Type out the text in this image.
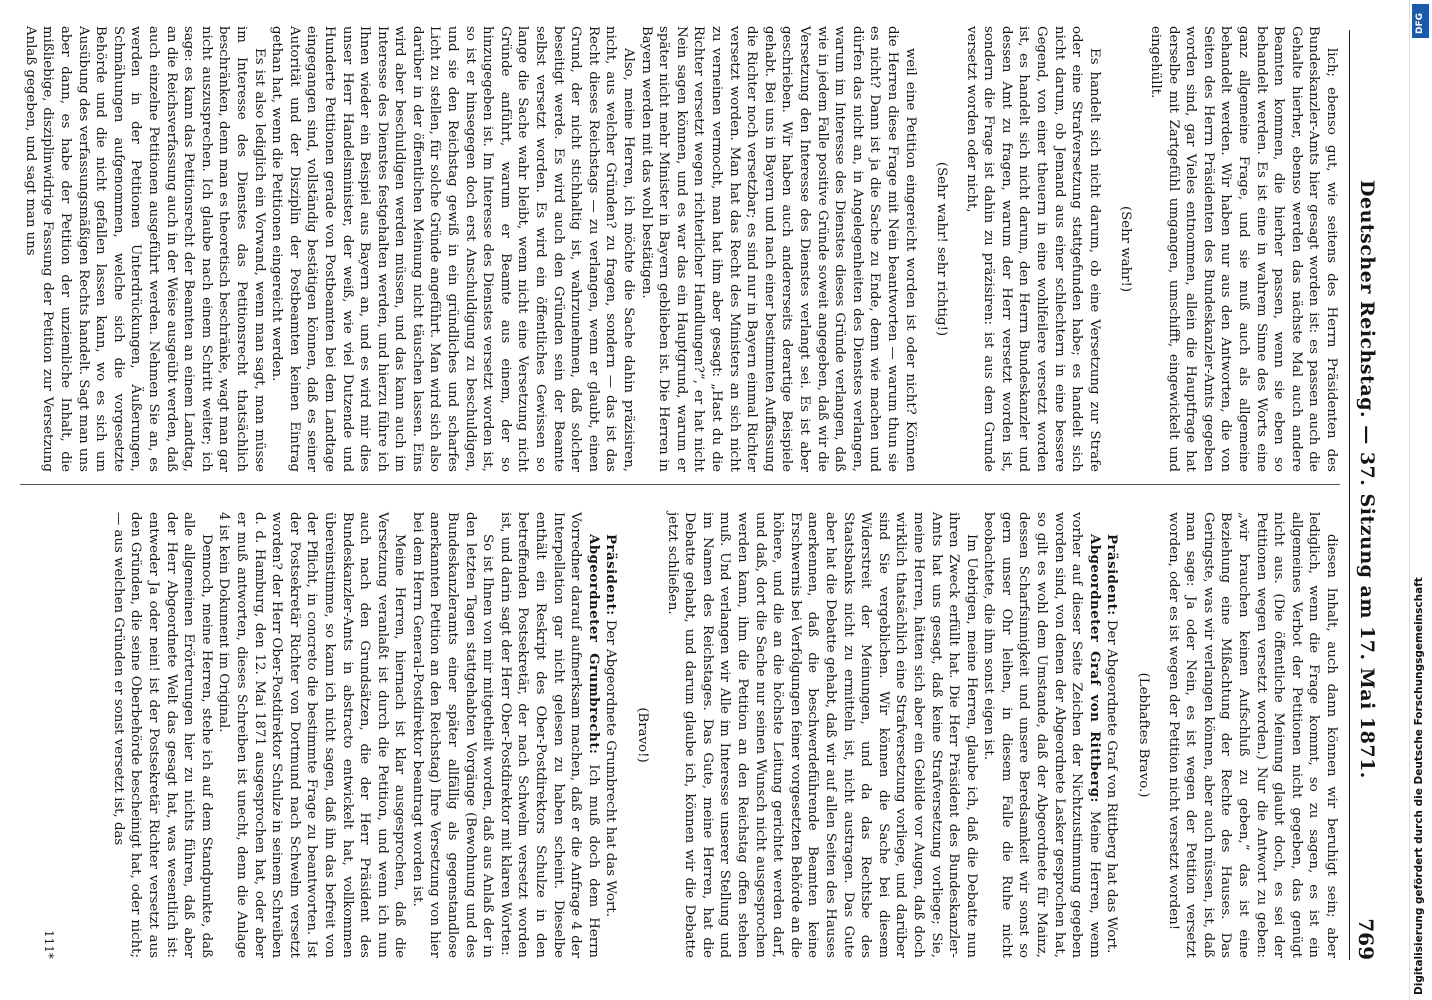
Deutscher Reichstag. — 37. Sitzung am 17. Mai 1871.
769

lich; ebenso gut, wie seitens des Herrn Präsidenten des Bundeskanzler-Amts hier gesagt worden ist: es passen auch die Gehalte hierher, ebenso werden das nächste Mal auch andere Beamten kommen, die hierher passen, wenn sie eben so behandelt werden. Es ist eine in wahrem Sinne des Worts eine ganz allgemeine Frage, und sie muß auch als allgemeine behandelt werden. Wir haben nur aus den Antworten, die von Seiten des Herrn Präsidenten des Bundeskanzler-Amts gegeben worden sind, gar Vieles entnommen, allein die Hauptfrage hat derselbe mit Zartgefühl umgangen, umschifft, eingewickelt und eingehüllt.

(Sehr wahr!)

Es handelt sich nicht darum, ob eine Versetzung zur Strafe oder eine Strafversetzung stattgefunden habe; es handelt sich nicht darum, ob Jemand aus einer schlechtern in eine bessere Gegend, von einer theuern in eine wohlfeilere versetzt worden ist, es handelt sich nicht darum, den Herrn Bundeskanzler und dessen Amt zu fragen, warum der Herr versetzt worden ist, sondern die Frage ist dahin zu präzisiren: ist aus dem Grunde versetzt worden oder nicht,

(Sehr wahr! sehr richtig!)

weil eine Petition eingereicht worden ist oder nicht? Können die Herren diese Frage mit Nein beantworten — warum thun sie es nicht? Dann ist ja die Sache zu Ende, denn wie machen und dürfen das nicht an, in Angelegenheiten des Dienstes verlangen, warum im Interesse des Dienstes dieses Gründe verlangen, daß wie in jedem Falle positive Gründe soweit angegeben, daß wir die Versetzung den Interesse des Dienstes verlangt sei. Es ist aber geschrieben. Wir haben auch andererseits derartige Beispiele gehabt. Bei uns in Bayern und nach einer bestimmten Auffassung die Richter noch versetzbar; es sind nur in Bayern einmal Richter versetzt worden. Man hat das Recht des Ministers an sich nicht zu verneinen vermocht, man hat ihm aber gesagt: „Hast du die Richter versetzt wegen richterlicher Handlungen?“, er hat nicht Nein sagen können, und es war das ein Hauptgrund, warum er später nicht mehr Minister in Bayern geblieben ist. Die Herren in Bayern werden mit das wohl bestätigen.

Also, meine Herren, ich möchte die Sache dahin präzisiren, nicht, aus welcher Gründen? zu fragen, sondern — das ist das Recht dieses Reichstags — zu verlangen, wenn er glaubt, einen Grund, der nicht stichhaltig ist, wahrzunehmen, daß solcher beseitigt werde. Es wird auch den Gründen sein der Beamte selbst versetzt worden. Es wird ein öffentliches Gewissen so lange die Sache wahr bleibt, wenn nicht eine Versetzung nicht Gründe anführt, warum er Beamte aus einem, der so hinzugegeben ist. Im Interesse des Dienstes versetzt worden ist, so ist er hinsegegen doch erst Anschuldigung zu beschuldigen, und sie den Reichstag gewiß in ein gründliches und scharfes Licht zu stellen, für solche Gründe angeführt. Man wird sich also darüber in der öffentlichen Meinung nicht täuschen lassen. Eins wird aber beschuldigen werden müssen, und das kann auch im Interesse des Dienstes festgehalten werden, und hierzu führe ich Ihnen wieder ein Beispiel aus Bayern an, und es wird mir dies unser Herr Handelsminister, der weiß, wie viel Dutzende und Hunderte Petitionen gerade von Postbeamten bei dem Landtage eingegangen sind, vollständig bestätigen können, daß es seiner Autorität und der Disziplin der Postbeamten keinen Eintrag gethan hat, wenn die Petitionen eingereicht werden.

Es ist also lediglich ein Vorwand, wenn man sagt, man müsse im Interesse des Dienstes das Petitionsrecht thatsächlich beschränken, denn man es theoretisch beschränke, wagt man gar nicht auszusprechen. Ich glaube nach einem Schritt weiter; ich sage: es kann das Petitionsrecht der Beamten an einem Landtag, an die Reichsverfassung auch in der Weise ausgeübt werden, daß auch einzelne Petitionen ausgeführt werden. Nehmen Sie an, es werden in der Petitionen Unterdrückungen, Äußerungen, Schmähungen aufgenommen, welche sich die vorgesetzte Behörde und die nicht gefallen lassen kann, wo es sich um Ausübung des verfassungsmäßigen Rechts handelt. Sagt man uns aber dann, es habe der Petition der unziemliche Inhalt, die mißliebige, disziplinwidrige Fassung der Petition zur Versetzung Anlaß gegeben, und sagt man uns

diesen Inhalt, auch dann können wir beruhigt sein; aber lediglich, wenn die Frage kommt, so zu sagen, es ist ein allgemeines Verbot der Petitionen nicht gegeben, das genügt nicht aus. (Die öffentliche Meinung glaubt doch, es sei der Petitionen wegen versetzt worden.) Nur die Antwort zu geben: „wir brauchen keinen Aufschluß zu geben,“ das ist eine Beziehung eine Mißachtung der Rechte des Hauses. Das Geringste, was wir verlangen können, aber auch müssen, ist, daß man sage: Ja oder Nein, es ist wegen der Petition versetzt worden, oder es ist wegen der Petition nicht versetzt worden!

(Lebhaftes Bravo.)

Präsident: Der Abgeordnete Graf von Rittberg hat das Wort.

Abgeordneter Graf von Rittberg: Meine Herren, wenn vorher auf dieser Seite Zeichen der Nichtzustimmung gegeben worden sind, von denen der Abgeordnete Lasker gesprochen hat, so gilt es wohl dem Umstande, daß der Abgeordnete für Mainz, dessen Scharfsinnigkeit und unsere Beredsamkeit wir sonst so gern unser Ohr leihen, in diesem Falle die Ruhe nicht beobachtete, die ihm sonst eigen ist.

Im Uebrigen, meine Herren, glaube ich, daß die Debatte nun ihren Zweck erfüllt hat. Die Herr Präsident des Bundeskanzler-Amts hat uns gesagt, daß keine Strafversetzung vorliege; Sie, meine Herren, hätten sich aber ein Gebilde vor Augen, daß doch wirklich thatsächlich eine Strafversetzung vorliege, und darüber sind Sie vergeblichen. Wir können die Sache bei diesem Widerstreit der Meinungen, und da das Rechtsbe des Staatsbanks nicht zu ermitteln ist, nicht austragen. Das Gute aber hat die Debatte gehabt, daß wir auf allen Seiten des Hauses anerkennen, daß die beschwerdeführende Beamten keine Erschwernis bei Verfolgungen feiner vorgesetzten Behörde an die höhere, und die an die höchste Leitung gerichtet werden darf, und daß, dort die Sache nur seinen Wunsch nicht ausgesprochen werden kann, ihm die Petition an den Reichstag offen stehen muß. Und verlangen wir Alle im Interesse unserer Stellung und im Namen des Reichstages. Das Gute, meine Herren, hat die Debatte gehabt, und darum glaube ich, können wir die Debatte jetzt schließen.

(Bravo!)

Präsident: Der Abgeordnete Grumbrecht hat das Wort.

Abgeordneter Grumbrecht: Ich muß doch dem Herrn Vorredner darauf aufmerksam machen, daß er die Anfrage 4 der Interpellation gar nicht gelesen zu haben scheint. Dieselbe enthält ein Reskript des Ober-Postdirektors Schulze in den betreffenden Postsekretär, der nach Schwelm versetzt worden ist, und darin sagt der Herr Ober-Postdirektor mit klaren Worten:

So ist Ihnen von mir mitgetheilt worden, daß aus Anlaß der in den letzten Tagen stattgehabten Vorgänge (Bewohnung und des Bundeskanzleramts einer später allfällig als gegenstandlose anerkannten Petition an den Reichstag) Ihre Versetzung von hier bei dem Herrn General-Postdirektor beantragt worden ist.

Meine Herren, hiernach ist klar ausgesprochen, daß die Versetzung veranlaßt ist durch die Petition, und wenn ich nun auch nach den Grundsätzen, die der Herr Präsident des Bundeskanzler-Amts in abstracto entwickelt hat, vollkommen übereinstimme, so kann ich nicht sagen, daß ihn das befreit von der Pflicht, in concreto die bestimmte Frage zu beantworten. Ist der Postsekretär Richter von Dortmund nach Schwelm versetzt worden? der Herr Ober-Postdirektor Schulze in seinem Schreiben d. d. Hamburg, den 12. Mai 1871 ausgesprochen hat, oder aber er muß antworten, dieses Schreiben ist unecht, denn die Anlage 4 ist kein Dokument im Original.

Dennoch, meine Herren, stehe ich auf dem Standpunkte, daß alle allgemeinen Erörterungen hier zu nichts führen, daß aber der Herr Abgeordnete Welt das gesagt hat, was wesentlich ist: entweder Ja oder nein! ist der Postsekretär Richter versetzt aus den Gründen, die seine Oberbehörde bescheinigt hat, oder nicht; — aus welchen Gründen er sonst versetzt ist, das

111*
DFG
Digitalisierung gefördert durch die Deutsche Forschungsgemeinschaft
